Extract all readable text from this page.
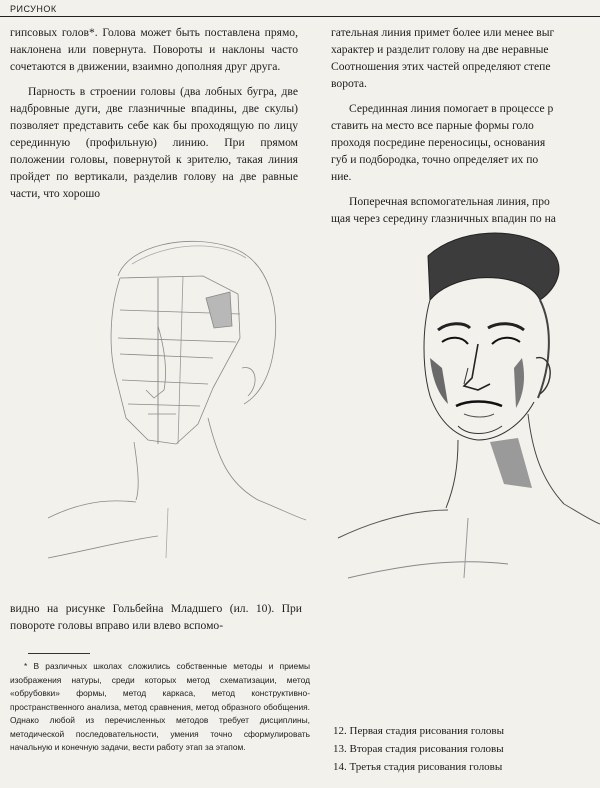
РИСУНОК

гипсовых голов*. Голова может быть поставлена прямо, наклонена или повернута. Повороты и наклоны часто сочетаются в движении, взаимно дополняя друг друга.

Парность в строении головы (два лобных бугра, две надбровные дуги, две глазничные впадины, две скулы) позволяет представить себе как бы проходящую по лицу серединную (профильную) линию. При прямом положении головы, повернутой к зрителю, такая линия пройдет по вертикали, разделив голову на две равные части, что хорошо

гательная линия примет более или менее выг
характер и разделит голову на две неравные
Соотношения этих частей определяют степе
ворота.
Серединная линия помогает в процессе р
ставить на место все парные формы голо
проходя посредине переносицы, основания
губ и подбородка, точно определяет их по
ние.
Поперечная вспомогательная линия, про
щая через середину глазничных впадин по на

видно на рисунке Гольбейна Младшего (ил. 10). При повороте головы вправо или влево вспомо-

* В различных школах сложились собственные методы и приемы изображения натуры, среди которых метод схематизации, метод «обрубовки» формы, метод каркаса, метод конструктивно-пространственного анализа, метод сравнения, метод образного обобщения. Однако любой из перечисленных методов требует дисциплины, методической последовательности, умения точно сформулировать начальную и конечную задачи, вести работу этап за этапом.
12. Первая стадия рисования головы
13. Вторая стадия рисования головы
14. Третья стадия рисования головы
